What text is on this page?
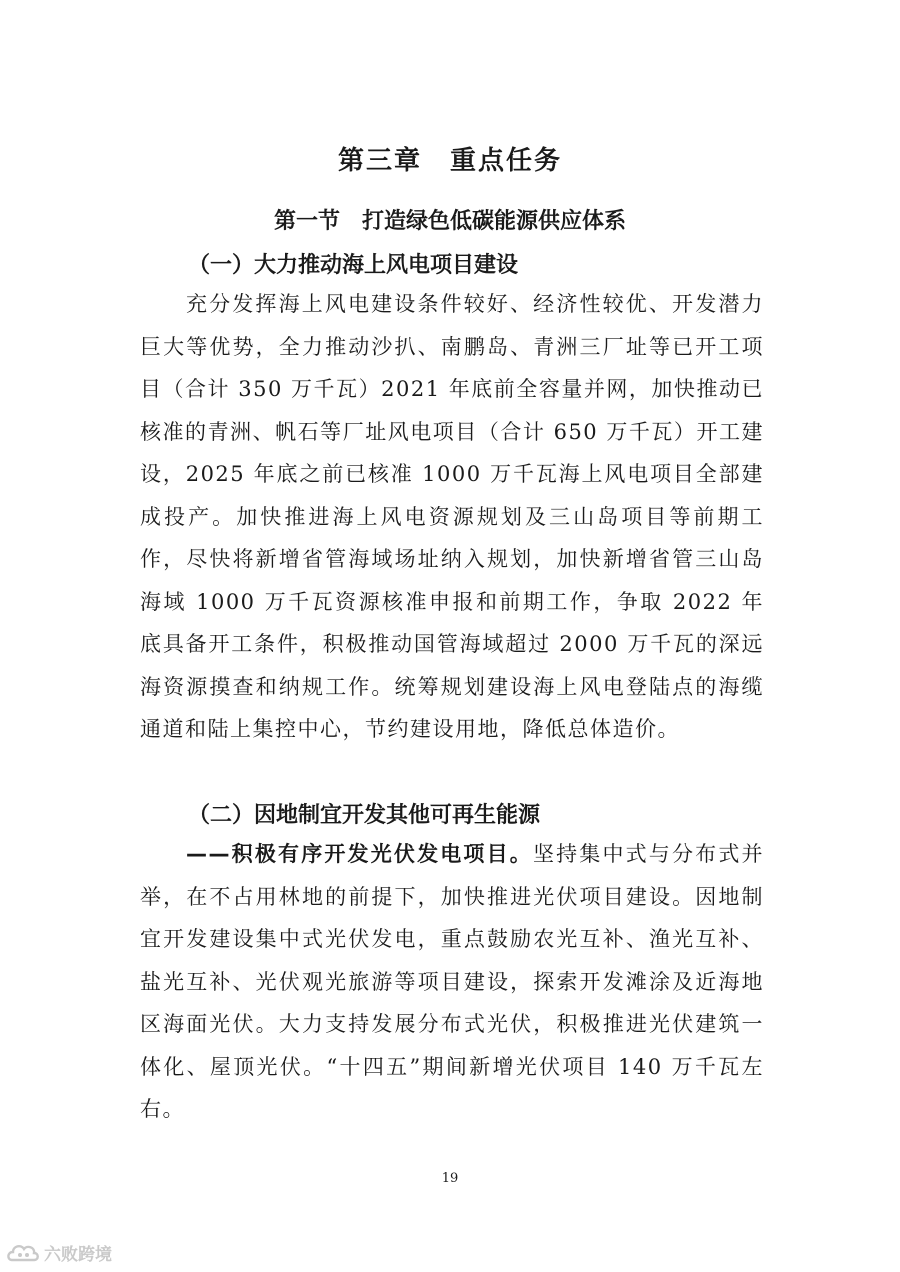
第三章　重点任务
第一节　打造绿色低碳能源供应体系
（一）大力推动海上风电项目建设
充分发挥海上风电建设条件较好、经济性较优、开发潜力巨大等优势，全力推动沙扒、南鹏岛、青洲三厂址等已开工项目（合计 350 万千瓦）2021 年底前全容量并网，加快推动已核准的青洲、帆石等厂址风电项目（合计 650 万千瓦）开工建设，2025 年底之前已核准 1000 万千瓦海上风电项目全部建成投产。加快推进海上风电资源规划及三山岛项目等前期工作，尽快将新增省管海域场址纳入规划，加快新增省管三山岛海域 1000 万千瓦资源核准申报和前期工作，争取 2022 年底具备开工条件，积极推动国管海域超过 2000 万千瓦的深远海资源摸查和纳规工作。统筹规划建设海上风电登陆点的海缆通道和陆上集控中心，节约建设用地，降低总体造价。
（二）因地制宜开发其他可再生能源
——积极有序开发光伏发电项目。坚持集中式与分布式并举，在不占用林地的前提下，加快推进光伏项目建设。因地制宜开发建设集中式光伏发电，重点鼓励农光互补、渔光互补、盐光互补、光伏观光旅游等项目建设，探索开发滩涂及近海地区海面光伏。大力支持发展分布式光伏，积极推进光伏建筑一体化、屋顶光伏。“十四五”期间新增光伏项目 140 万千瓦左右。
19
六败跨境
